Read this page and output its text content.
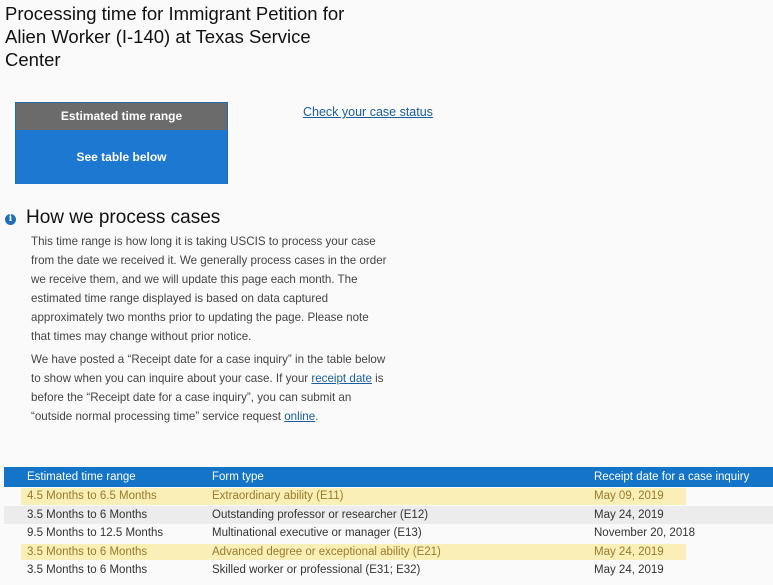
Processing time for Immigrant Petition for Alien Worker (I-140) at Texas Service Center
Estimated time range
See table below
Check your case status
i How we process cases

This time range is how long it is taking USCIS to process your case from the date we received it. We generally process cases in the order we receive them, and we will update this page each month. The estimated time range displayed is based on data captured approximately two months prior to updating the page. Please note that times may change without prior notice.

We have posted a “Receipt date for a case inquiry” in the table below to show when you can inquire about your case. If your receipt date is before the “Receipt date for a case inquiry”, you can submit an “outside normal processing time” service request online.

Estimated time range	Form type	Receipt date for a case inquiry
4.5 Months to 6.5 Months	Extraordinary ability (E11)	May 09, 2019
3.5 Months to 6 Months	Outstanding professor or researcher (E12)	May 24, 2019
9.5 Months to 12.5 Months	Multinational executive or manager (E13)	November 20, 2018
3.5 Months to 6 Months	Advanced degree or exceptional ability (E21)	May 24, 2019
3.5 Months to 6 Months	Skilled worker or professional (E31; E32)	May 24, 2019
